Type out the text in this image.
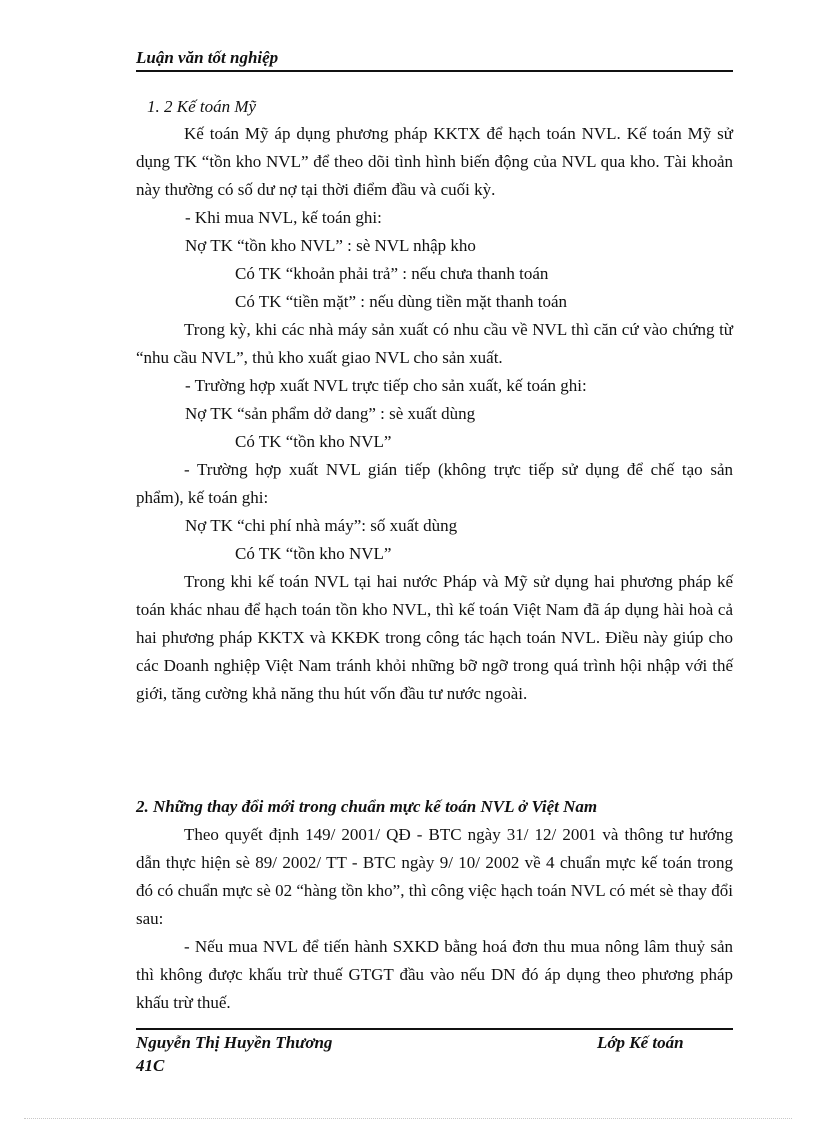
Luận văn tốt nghiệp
1. 2 Kế toán Mỹ
Kế toán Mỹ áp dụng phương pháp KKTX để hạch toán NVL. Kế toán Mỹ sử dụng TK “tồn kho NVL” để theo dõi tình hình biến động của NVL qua kho. Tài khoản này thường có số dư nợ tại thời điểm đầu và cuối kỳ.
- Khi mua NVL, kế toán ghi:
Nợ TK “tồn kho NVL” : sè NVL nhập kho
Có TK “khoản phải trả” : nếu chưa thanh toán
Có TK “tiền mặt” : nếu dùng tiền mặt thanh toán
Trong kỳ, khi các nhà máy sản xuất có nhu cầu về NVL thì căn cứ vào chứng từ “nhu cầu NVL”, thủ kho xuất giao NVL cho sản xuất.
- Trường hợp xuất NVL trực tiếp cho sản xuất, kế toán ghi:
Nợ TK “sản phẩm dở dang” : sè xuất dùng
Có TK “tồn kho NVL”
- Trường hợp xuất NVL gián tiếp (không trực tiếp sử dụng để chế tạo sản phẩm), kế toán ghi:
Nợ TK “chi phí nhà máy”: số xuất dùng
Có TK “tồn kho NVL”
Trong khi kế toán NVL tại hai nước Pháp và Mỹ sử dụng hai phương pháp kế toán khác nhau để hạch toán tồn kho NVL, thì kế toán Việt Nam đã áp dụng hài hoà cả hai phương pháp KKTX và KKĐK trong công tác hạch toán NVL. Điều này giúp cho các Doanh nghiệp Việt Nam tránh khỏi những bỡ ngỡ trong quá trình hội nhập với thế giới, tăng cường khả năng thu hút vốn đầu tư nước ngoài.
2. Những thay đổi mới trong chuẩn mực kế toán NVL ở Việt Nam
Theo quyết định 149/ 2001/ QĐ - BTC ngày 31/ 12/ 2001 và thông tư hướng dẫn thực hiện sè 89/ 2002/ TT - BTC ngày 9/ 10/ 2002 về 4 chuẩn mực kế toán trong đó có chuẩn mực sè 02 “hàng tồn kho”, thì công việc hạch toán NVL có mét sè thay đổi sau:
- Nếu mua NVL để tiến hành SXKD bằng hoá đơn thu mua nông lâm thuỷ sản thì không được khấu trừ thuế GTGT đầu vào nếu DN đó áp dụng theo phương pháp khấu trừ thuế.
Nguyễn Thị Huyền Thương	Lớp Kế toán
41C
